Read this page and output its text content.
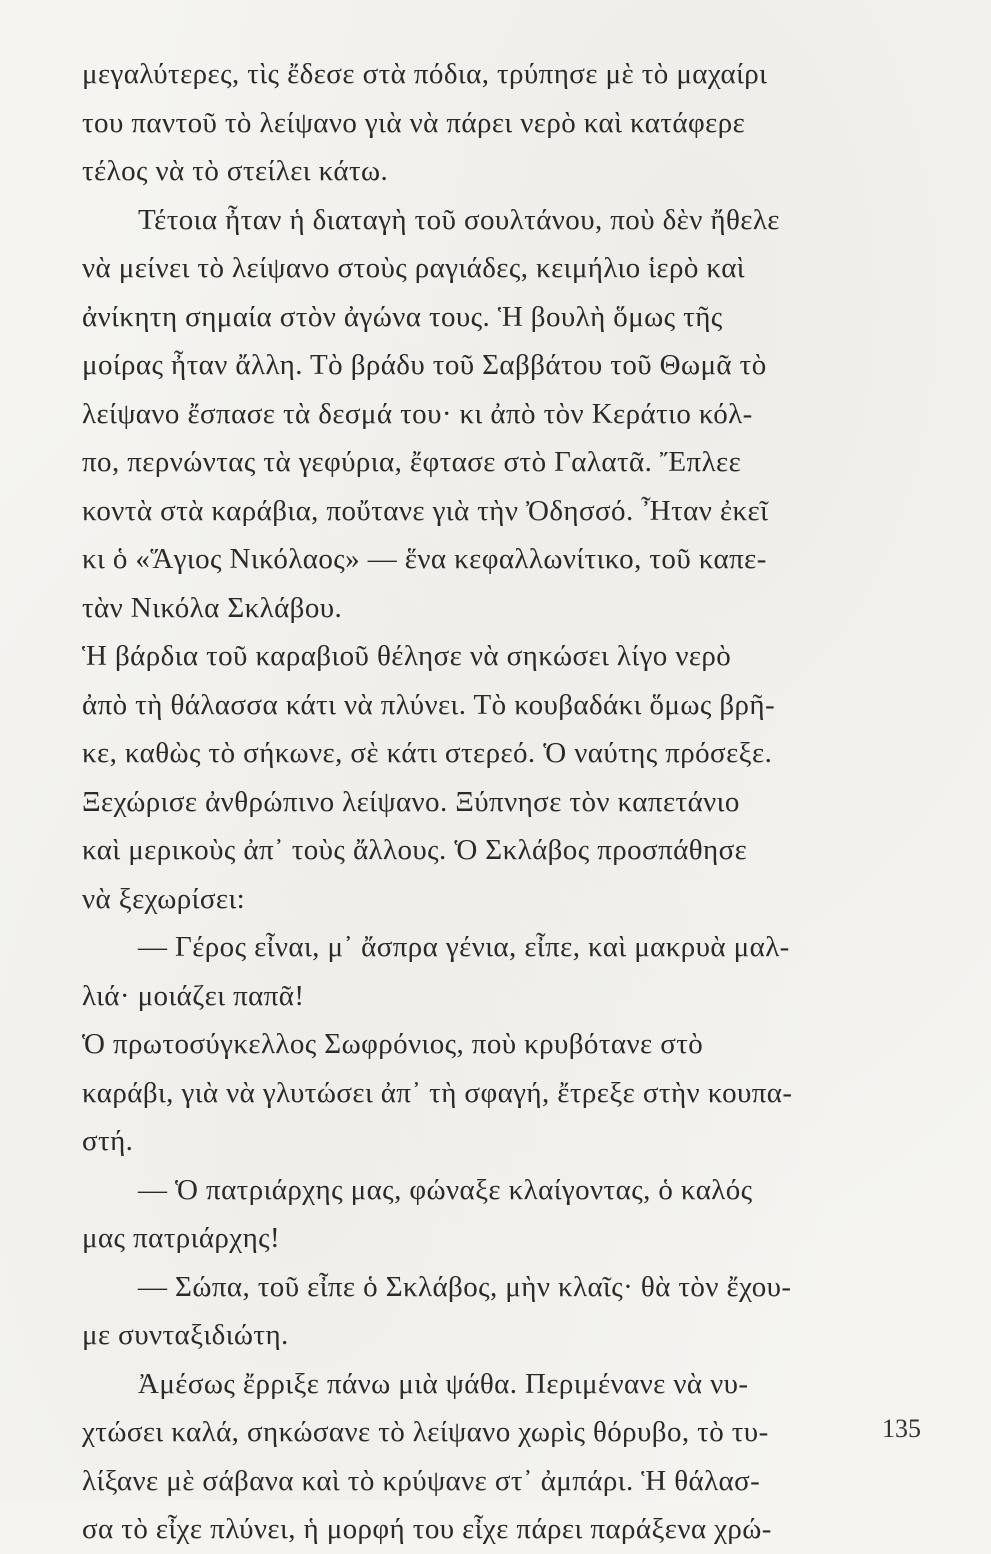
μεγαλύτερες, τὶς ἔδεσε στὰ πόδια, τρύπησε μὲ τὸ μαχαίρι
του παντοῦ τὸ λείψανο γιὰ νὰ πάρει νερὸ καὶ κατάφερε
τέλος νὰ τὸ στείλει κάτω.
Τέτοια ἦταν ἡ διαταγὴ τοῦ σουλτάνου, ποὺ δὲν ἤθελε
νὰ μείνει τὸ λείψανο στοὺς ραγιάδες, κειμήλιο ἱερὸ καὶ
ἀνίκητη σημαία στὸν ἀγώνα τους. Ἡ βουλὴ ὅμως τῆς
μοίρας ἦταν ἄλλη. Τὸ βράδυ τοῦ Σαββάτου τοῦ Θωμᾶ τὸ
λείψανο ἔσπασε τὰ δεσμά του· κι ἀπὸ τὸν Κεράτιο κόλ-
πο, περνώντας τὰ γεφύρια, ἔφτασε στὸ Γαλατᾶ. Ἔπλεε
κοντὰ στὰ καράβια, ποὔτανε γιὰ τὴν Ὀδησσό. Ἦταν ἐκεῖ
κι ὁ «Ἅγιος Νικόλαος» — ἕνα κεφαλλωνίτικο, τοῦ καπε-
τὰν Νικόλα Σκλάβου.
Ἡ βάρδια τοῦ καραβιοῦ θέλησε νὰ σηκώσει λίγο νερὸ
ἀπὸ τὴ θάλασσα κάτι νὰ πλύνει. Τὸ κουβαδάκι ὅμως βρῆ-
κε, καθὼς τὸ σήκωνε, σὲ κάτι στερεό. Ὁ ναύτης πρόσεξε.
Ξεχώρισε ἀνθρώπινο λείψανο. Ξύπνησε τὸν καπετάνιο
καὶ μερικοὺς ἀπ᾿ τοὺς ἄλλους. Ὁ Σκλάβος προσπάθησε
νὰ ξεχωρίσει:
— Γέρος εἶναι, μ᾿ ἄσπρα γένια, εἶπε, καὶ μακρυὰ μαλ-
λιά· μοιάζει παπᾶ!
Ὁ πρωτοσύγκελλος Σωφρόνιος, ποὺ κρυβότανε στὸ
καράβι, γιὰ νὰ γλυτώσει ἀπ᾿ τὴ σφαγή, ἔτρεξε στὴν κουπα-
στή.
— Ὁ πατριάρχης μας, φώναξε κλαίγοντας, ὁ καλός
μας πατριάρχης!
— Σώπα, τοῦ εἶπε ὁ Σκλάβος, μὴν κλαῖς· θὰ τὸν ἔχου-
με συνταξιδιώτη.
Ἀμέσως ἔρριξε πάνω μιὰ ψάθα. Περιμένανε νὰ νυ-
χτώσει καλά, σηκώσανε τὸ λείψανο χωρὶς θόρυβο, τὸ τυ-
λίξανε μὲ σάβανα καὶ τὸ κρύψανε στ᾿ ἀμπάρι. Ἡ θάλασ-
σα τὸ εἶχε πλύνει, ἡ μορφή του εἶχε πάρει παράξενα χρώ-
135
